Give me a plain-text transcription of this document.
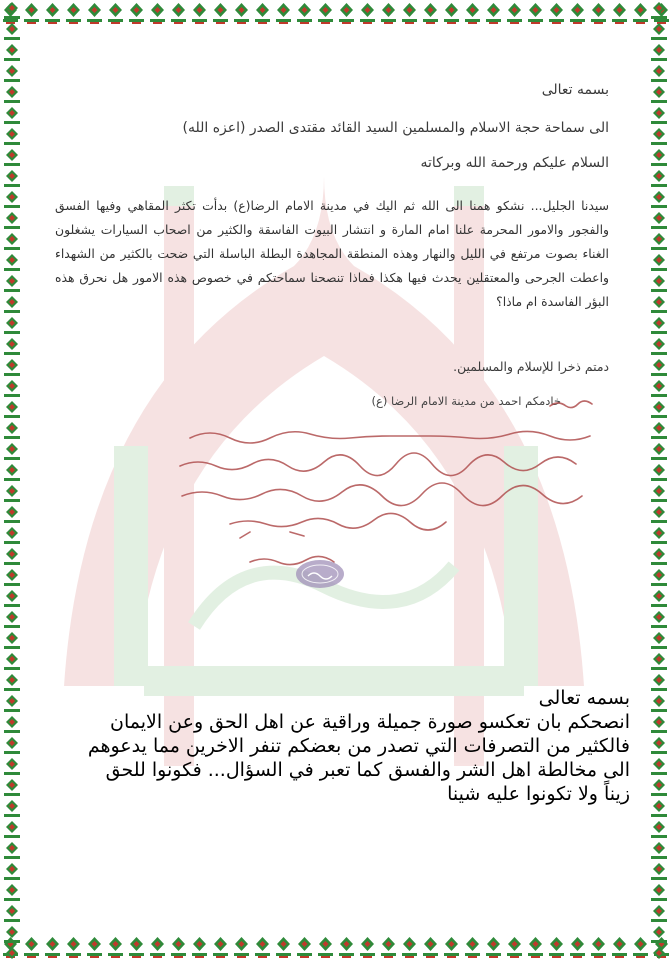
بسمه تعالى
الى سماحة حجة الاسلام والمسلمين السيد القائد مقتدى الصدر (اعزه الله)
السلام عليكم ورحمة الله وبركاته
سيدنا الجليل... نشكو همنا الى الله ثم اليك في مدينة الامام الرضا(ع) بدأت تكثر المقاهي وفيها الفسق والفجور والامور المحرمة علنا امام المارة و انتشار البيوت الفاسقة والكثير من اصحاب السيارات يشغلون الغناء بصوت مرتفع في الليل والنهار وهذه المنطقة المجاهدة البطلة الباسلة التي ضحت بالكثير من الشهداء واعطت الجرحى والمعتقلين يحدث فيها هكذا فماذا تنصحنا سماحتكم في خصوص هذه الامور هل نحرق هذه البؤر الفاسدة ام ماذا؟
دمتم ذخرا للإسلام والمسلمين.
خادمكم احمد من مدينة الامام الرضا (ع)
بسمه تعالى
انصحكم بان تعكسو صورة جميلة وراقية عن اهل الحق وعن الايمان
فالكثير من التصرفات التي تصدر من بعضكم تنفر الاخرين مما يدعوهم
الى مخالطة اهل الشر والفسق كما تعبر في السؤال... فكونوا للحق
زيناً ولا تكونوا عليه شينا
